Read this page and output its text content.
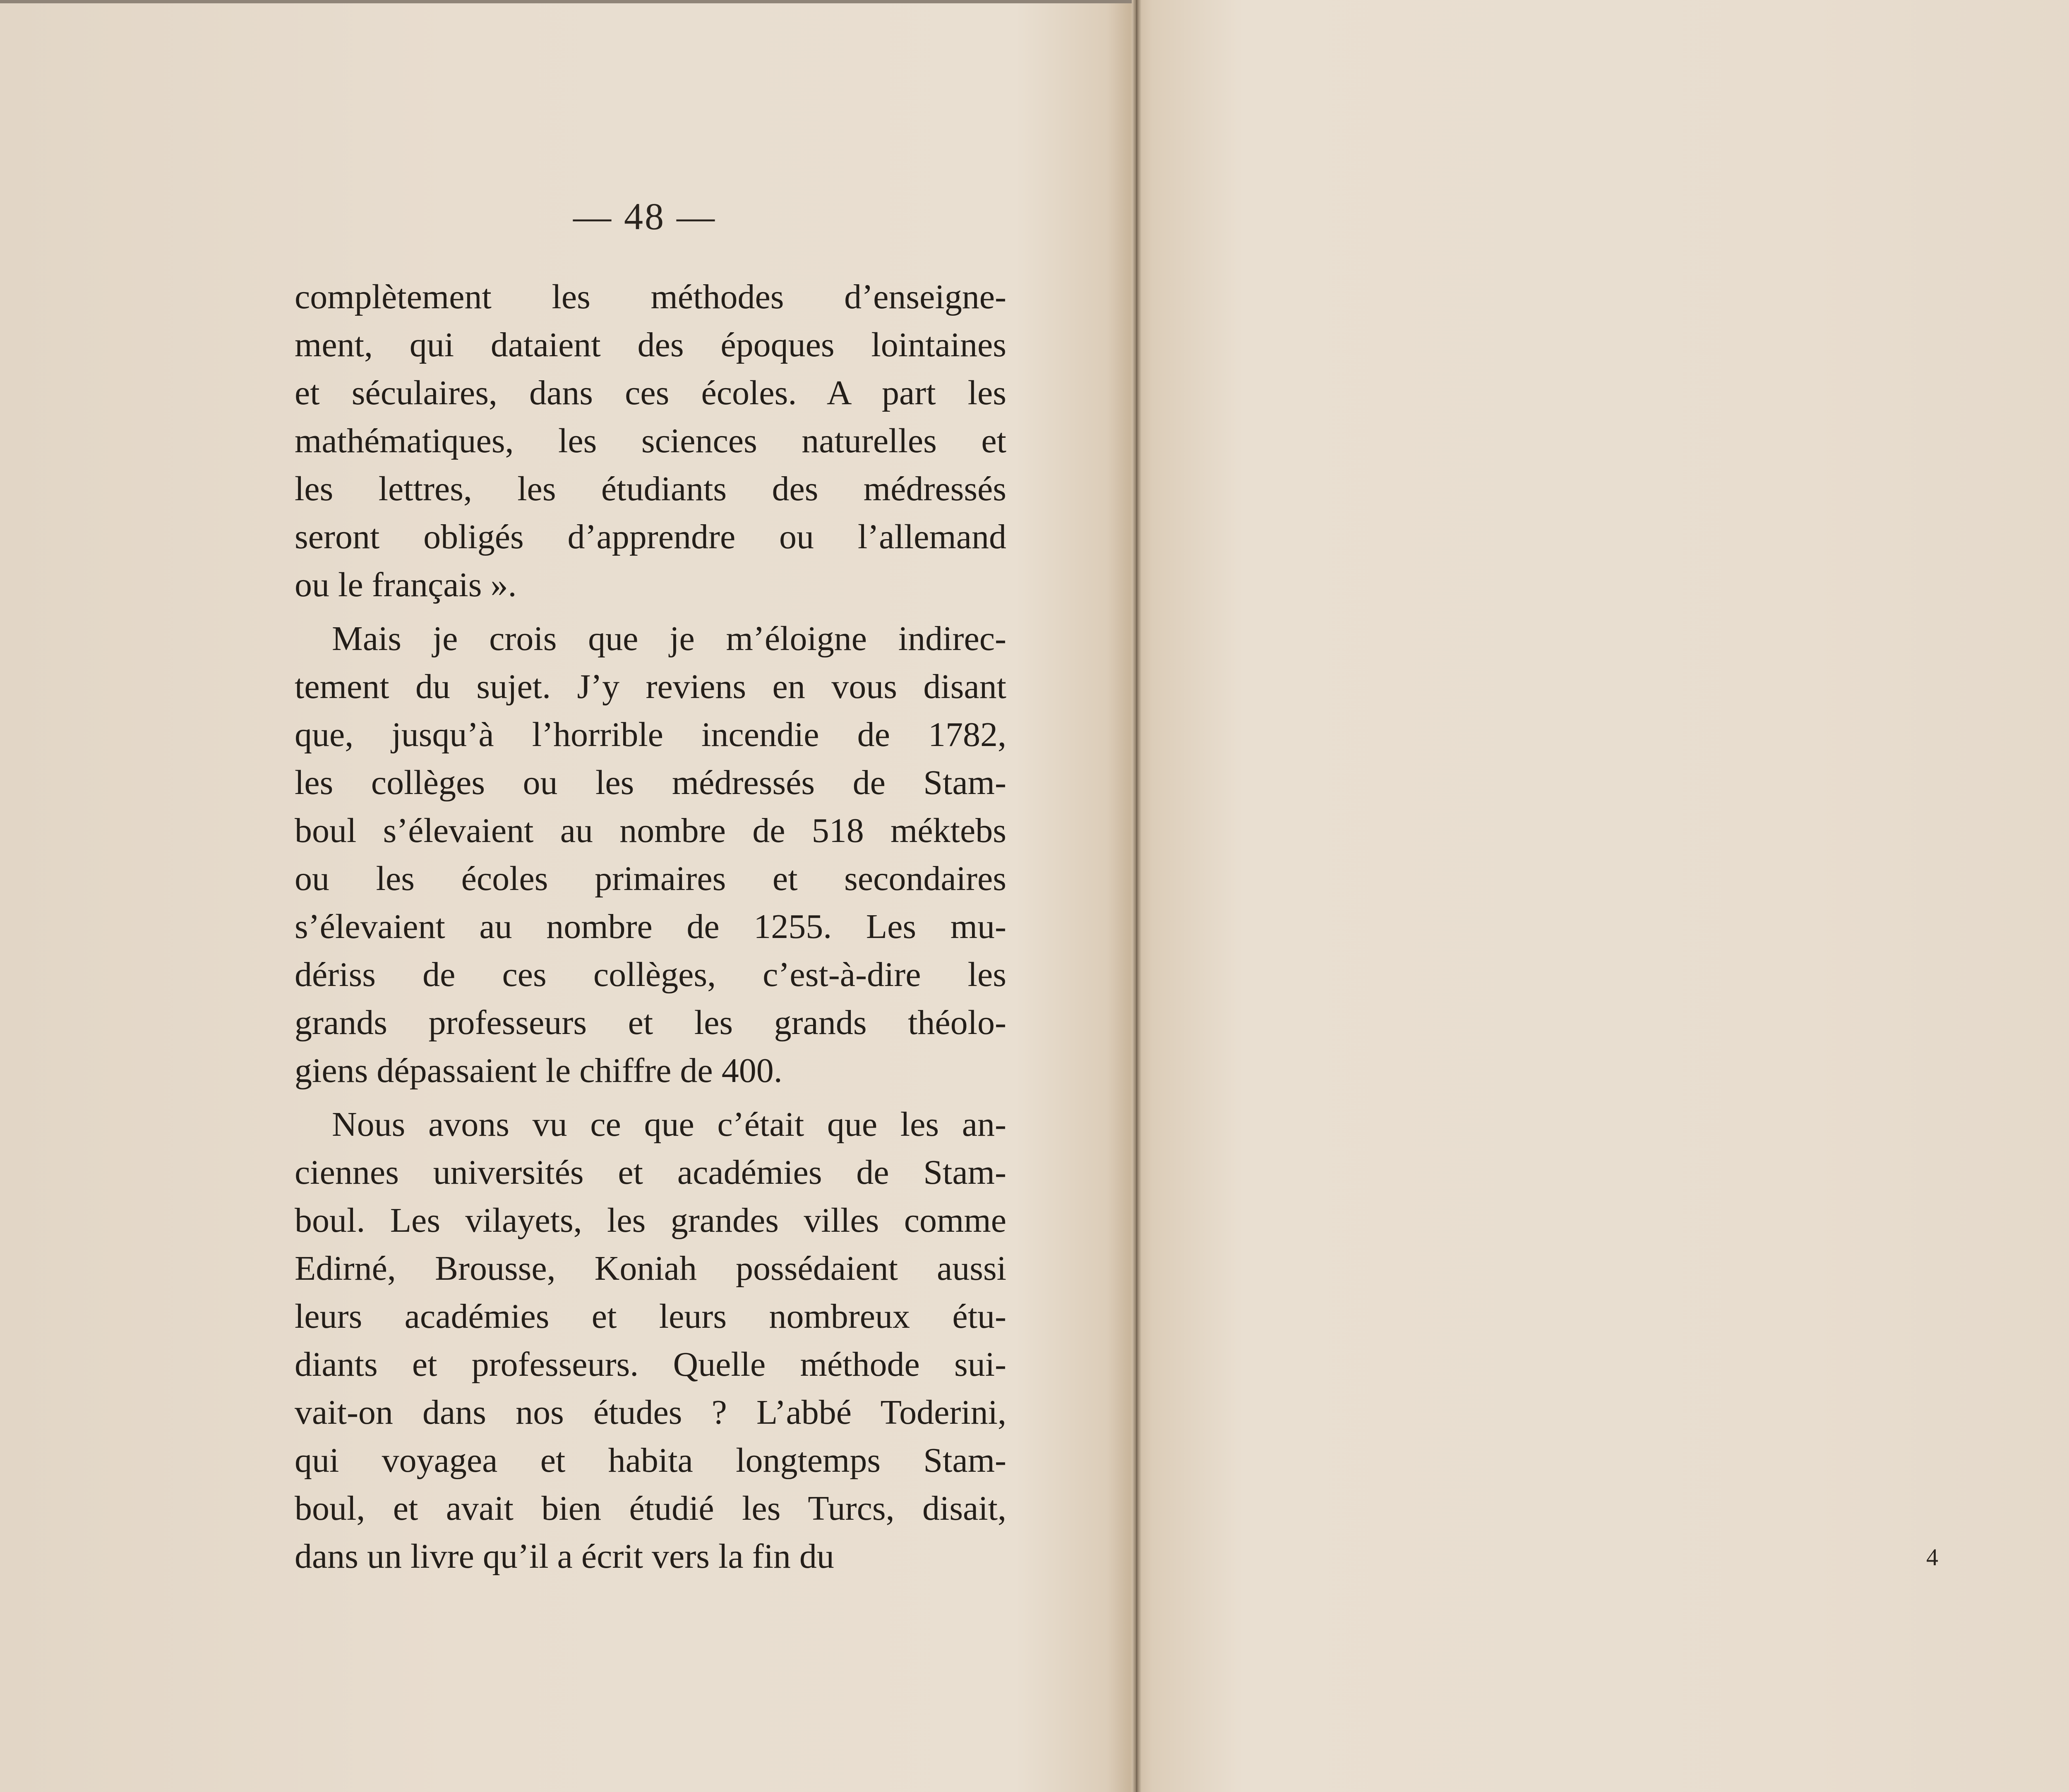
— 48 —

complètement les méthodes d’enseigne-
ment, qui dataient des époques lointaines
et séculaires, dans ces écoles. A part les
mathématiques, les sciences naturelles et
les lettres, les étudiants des médressés
seront obligés d’apprendre ou l’allemand
ou le français ».

Mais je crois que je m’éloigne indirec-
tement du sujet. J’y reviens en vous disant
que, jusqu’à l’horrible incendie de 1782,
les collèges ou les médressés de Stam-
boul s’élevaient au nombre de 518 méktebs
ou les écoles primaires et secondaires
s’élevaient au nombre de 1255. Les mu-
dériss de ces collèges, c’est-à-dire les
grands professeurs et les grands théolo-
giens dépassaient le chiffre de 400.

Nous avons vu ce que c’était que les an-
ciennes universités et académies de Stam-
boul. Les vilayets, les grandes villes comme
Edirné, Brousse, Koniah possédaient aussi
leurs académies et leurs nombreux étu-
diants et professeurs. Quelle méthode sui-
vait-on dans nos études ? L’abbé Toderini,
qui voyagea et habita longtemps Stam-
boul, et avait bien étudié les Turcs, disait,
dans un livre qu’il a écrit vers la fin du	4
